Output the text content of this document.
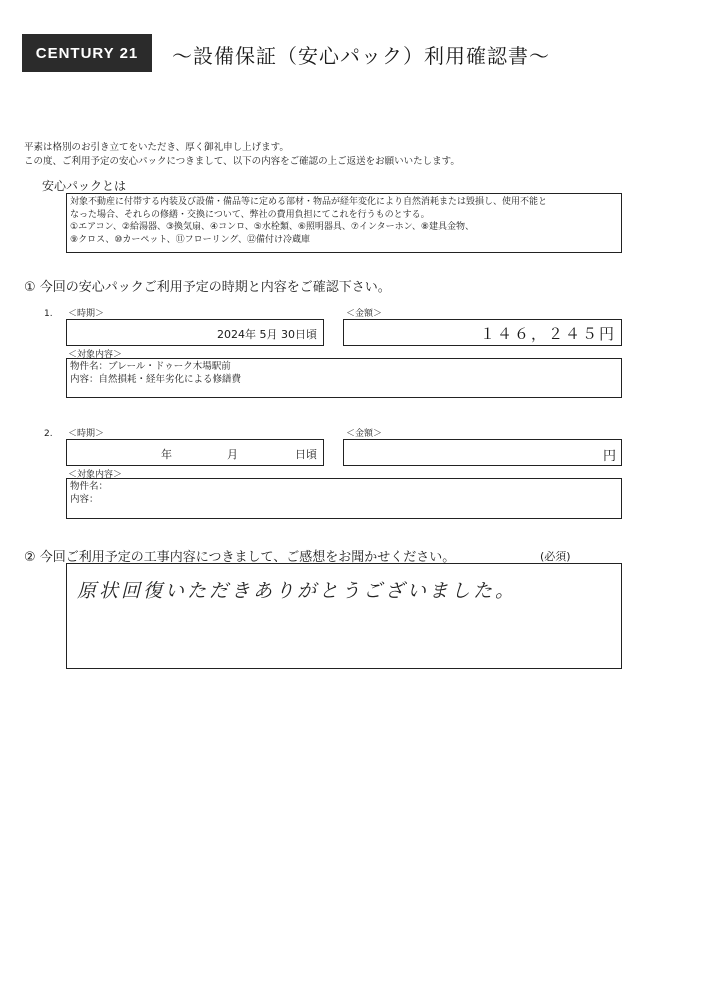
CENTURY 21	～設備保証（安心パック）利用確認書～
平素は格別のお引き立てをいただき、厚く御礼申し上げます。
この度、ご利用予定の安心パックにつきまして、以下の内容をご確認の上ご返送をお願いいたします。
安心パックとは
対象不動産に付帯する内装及び設備・備品等に定める部材・物品が経年変化により自然消耗または毀損し、使用不能と
なった場合、それらの修繕・交換について、弊社の費用負担にてこれを行うものとする。
①エアコン、②給湯器、③換気扇、④コンロ、⑤水栓類、⑥照明器具、⑦インターホン、⑧建具金物、
⑨クロス、⑩カーペット、⑪フローリング、⑫備付け冷蔵庫
① 今回の安心パックご利用予定の時期と内容をご確認下さい。
1. ＜時期＞
2024年 5月 30日頃
＜金額＞
１４６，２４５円
＜対象内容＞
物件名：ブレール・ドゥーク木場駅前
内容：自然損耗・経年劣化による修繕費
2. ＜時期＞
年	月	日頃
＜金額＞
円
＜対象内容＞
物件名：
内容：
② 今回ご利用予定の工事内容につきまして、ご感想をお聞かせください。	(必須)
原状回復いただきありがとうございました。
